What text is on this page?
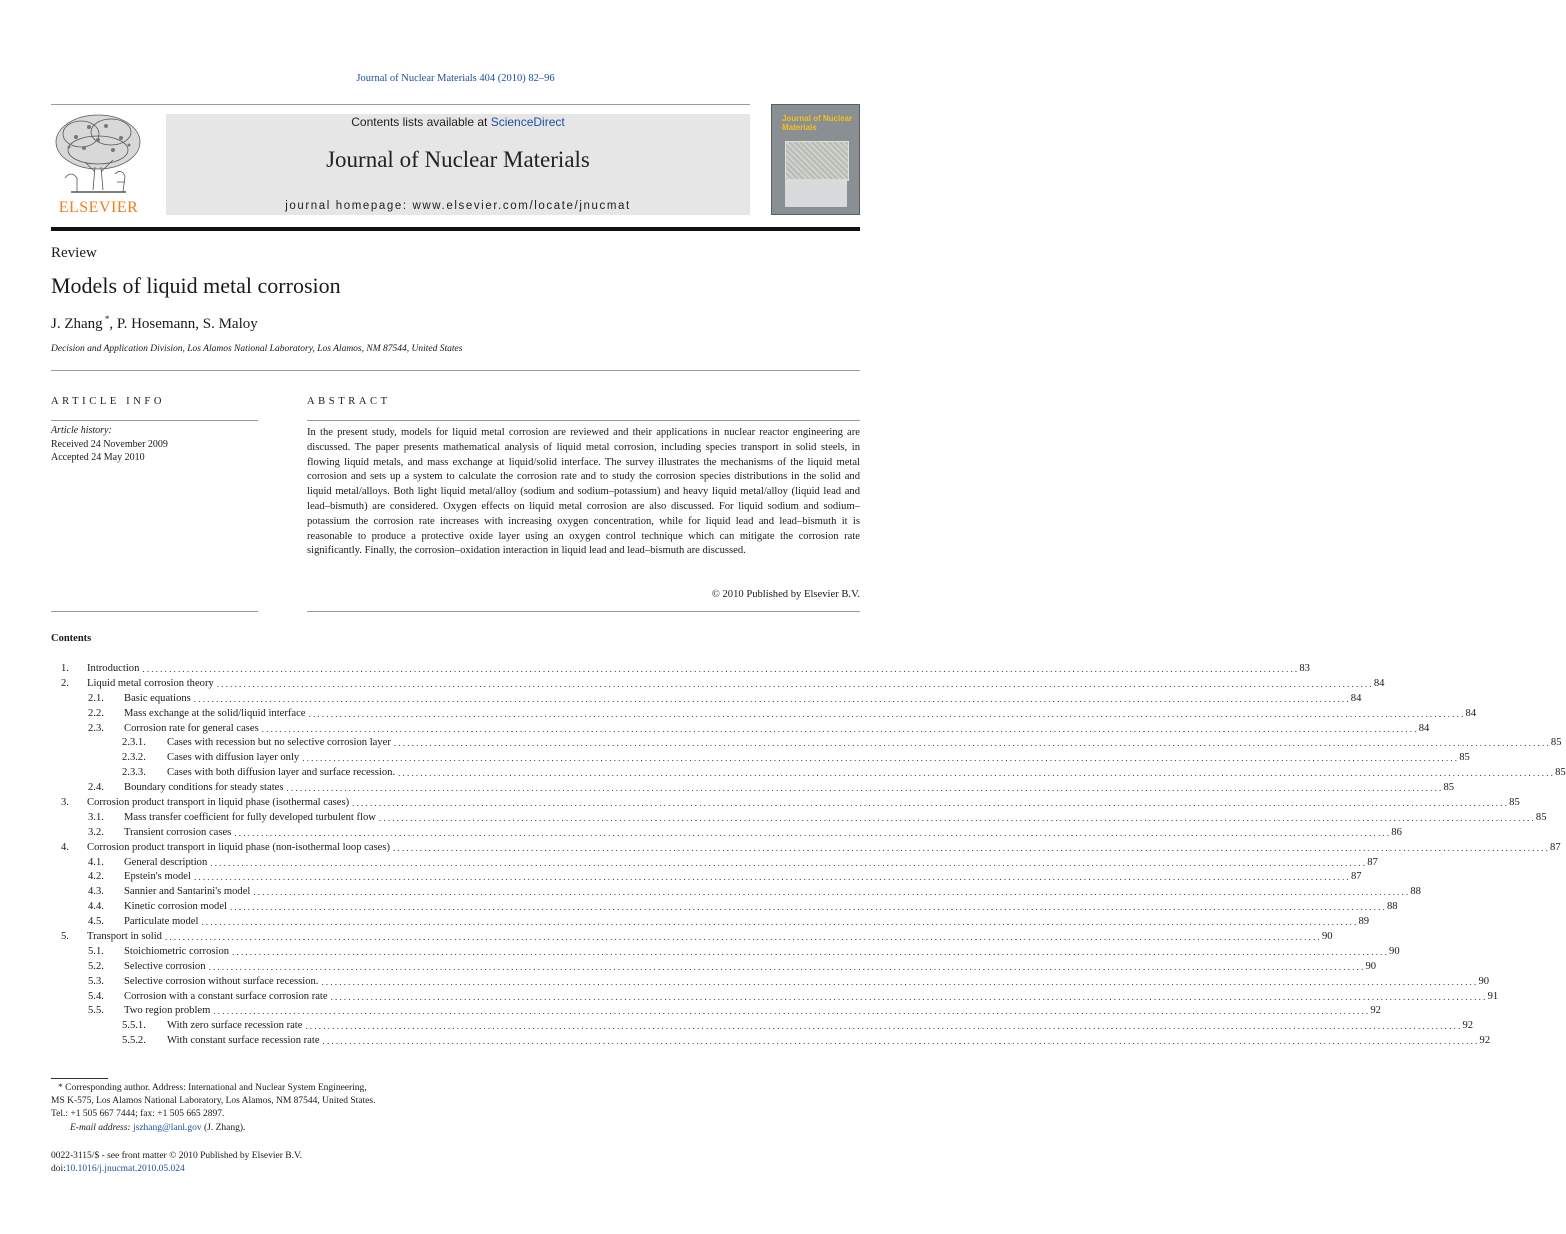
Journal of Nuclear Materials 404 (2010) 82–96
ELSEVIER
Contents lists available at ScienceDirect
Journal of Nuclear Materials
journal homepage: www.elsevier.com/locate/jnucmat
Journal of Nuclear Materials
Review
Models of liquid metal corrosion
J. Zhang *, P. Hosemann, S. Maloy
Decision and Application Division, Los Alamos National Laboratory, Los Alamos, NM 87544, United States
ARTICLE INFO
Article history:
Received 24 November 2009
Accepted 24 May 2010
ABSTRACT
In the present study, models for liquid metal corrosion are reviewed and their applications in nuclear reactor engineering are discussed. The paper presents mathematical analysis of liquid metal corrosion, including species transport in solid steels, in flowing liquid metals, and mass exchange at liquid/solid interface. The survey illustrates the mechanisms of the liquid metal corrosion and sets up a system to calculate the corrosion rate and to study the corrosion species distributions in the solid and liquid metal/alloys. Both light liquid metal/alloy (sodium and sodium–potassium) and heavy liquid metal/alloy (liquid lead and lead–bismuth) are considered. Oxygen effects on liquid metal corrosion are also discussed. For liquid sodium and sodium–potassium the corrosion rate increases with increasing oxygen concentration, while for liquid lead and lead–bismuth it is reasonable to produce a protective oxide layer using an oxygen control technique which can mitigate the corrosion rate significantly. Finally, the corrosion–oxidation interaction in liquid lead and lead–bismuth are discussed.
© 2010 Published by Elsevier B.V.
Contents
1. Introduction .................................................................................................................................................................................................................................................................... 83
2. Liquid metal corrosion theory .................................................................................................................................................................................................................................................................... 84
2.1. Basic equations .................................................................................................................................................................................................................................................................... 84
2.2. Mass exchange at the solid/liquid interface .................................................................................................................................................................................................................................................................... 84
2.3. Corrosion rate for general cases .................................................................................................................................................................................................................................................................... 84
2.3.1. Cases with recession but no selective corrosion layer .................................................................................................................................................................................................................................................................... 85
2.3.2. Cases with diffusion layer only .................................................................................................................................................................................................................................................................... 85
2.3.3. Cases with both diffusion layer and surface recession. .................................................................................................................................................................................................................................................................... 85
2.4. Boundary conditions for steady states .................................................................................................................................................................................................................................................................... 85
3. Corrosion product transport in liquid phase (isothermal cases) .................................................................................................................................................................................................................................................................... 85
3.1. Mass transfer coefficient for fully developed turbulent flow .................................................................................................................................................................................................................................................................... 85
3.2. Transient corrosion cases .................................................................................................................................................................................................................................................................... 86
4. Corrosion product transport in liquid phase (non-isothermal loop cases) .................................................................................................................................................................................................................................................................... 87
4.1. General description .................................................................................................................................................................................................................................................................... 87
4.2. Epstein's model .................................................................................................................................................................................................................................................................... 87
4.3. Sannier and Santarini's model .................................................................................................................................................................................................................................................................... 88
4.4. Kinetic corrosion model .................................................................................................................................................................................................................................................................... 88
4.5. Particulate model .................................................................................................................................................................................................................................................................... 89
5. Transport in solid .................................................................................................................................................................................................................................................................... 90
5.1. Stoichiometric corrosion .................................................................................................................................................................................................................................................................... 90
5.2. Selective corrosion .................................................................................................................................................................................................................................................................... 90
5.3. Selective corrosion without surface recession. .................................................................................................................................................................................................................................................................... 90
5.4. Corrosion with a constant surface corrosion rate .................................................................................................................................................................................................................................................................... 91
5.5. Two region problem .................................................................................................................................................................................................................................................................... 92
5.5.1. With zero surface recession rate .................................................................................................................................................................................................................................................................... 92
5.5.2. With constant surface recession rate .................................................................................................................................................................................................................................................................... 92
* Corresponding author. Address: International and Nuclear System Engineering,
MS K-575, Los Alamos National Laboratory, Los Alamos, NM 87544, United States.
Tel.: +1 505 667 7444; fax: +1 505 665 2897.
E-mail address: jszhang@lanl.gov (J. Zhang).
0022-3115/$ - see front matter © 2010 Published by Elsevier B.V.
doi:10.1016/j.jnucmat.2010.05.024
